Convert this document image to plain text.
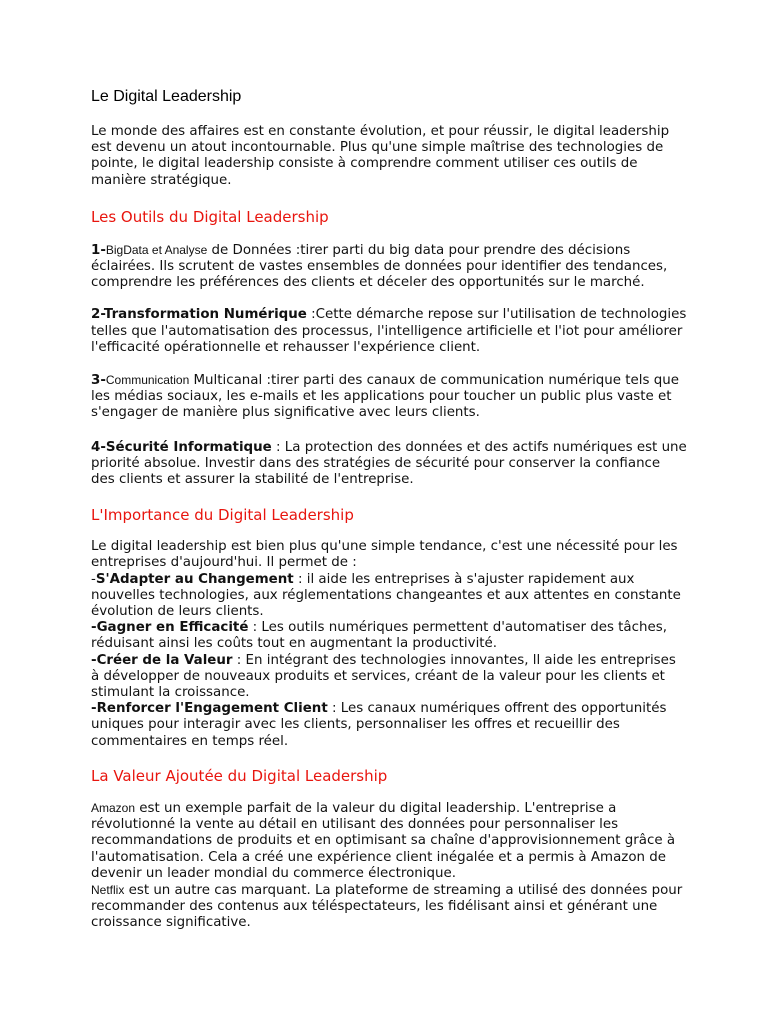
Le Digital Leadership

Le monde des affaires est en constante évolution, et pour réussir, le digital leadership est devenu un atout incontournable. Plus qu'une simple maîtrise des technologies de pointe, le digital leadership consiste à comprendre comment utiliser ces outils de manière stratégique.

Les Outils du Digital Leadership

1-BigData et Analyse de Données :tirer parti du big data pour prendre des décisions éclairées. Ils scrutent de vastes ensembles de données pour identifier des tendances, comprendre les préférences des clients et déceler des opportunités sur le marché.

2-Transformation Numérique :Cette démarche repose sur l'utilisation de technologies telles que l'automatisation des processus, l'intelligence artificielle et l'iot pour améliorer l'efficacité opérationnelle et rehausser l'expérience client.

3-Communication Multicanal :tirer parti des canaux de communication numérique tels que les médias sociaux, les e-mails et les applications pour toucher un public plus vaste et s'engager de manière plus significative avec leurs clients.

4-Sécurité Informatique : La protection des données et des actifs numériques est une priorité absolue. Investir dans des stratégies de sécurité pour conserver la confiance des clients et assurer la stabilité de l'entreprise.

L'Importance du Digital Leadership

Le digital leadership est bien plus qu'une simple tendance, c'est une nécessité pour les entreprises d'aujourd'hui. Il permet de :

-S'Adapter au Changement : il aide les entreprises à s'ajuster rapidement aux nouvelles technologies, aux réglementations changeantes et aux attentes en constante évolution de leurs clients.

-Gagner en Efficacité : Les outils numériques permettent d'automatiser des tâches, réduisant ainsi les coûts tout en augmentant la productivité.

-Créer de la Valeur : En intégrant des technologies innovantes, ll aide les entreprises à développer de nouveaux produits et services, créant de la valeur pour les clients et stimulant la croissance.

-Renforcer l'Engagement Client : Les canaux numériques offrent des opportunités uniques pour interagir avec les clients, personnaliser les offres et recueillir des commentaires en temps réel.

La Valeur Ajoutée du Digital Leadership

Amazon est un exemple parfait de la valeur du digital leadership. L'entreprise a révolutionné la vente au détail en utilisant des données pour personnaliser les recommandations de produits et en optimisant sa chaîne d'approvisionnement grâce à l'automatisation. Cela a créé une expérience client inégalée et a permis à Amazon de devenir un leader mondial du commerce électronique.

Netflix est un autre cas marquant. La plateforme de streaming a utilisé des données pour recommander des contenus aux téléspectateurs, les fidélisant ainsi et générant une croissance significative.
